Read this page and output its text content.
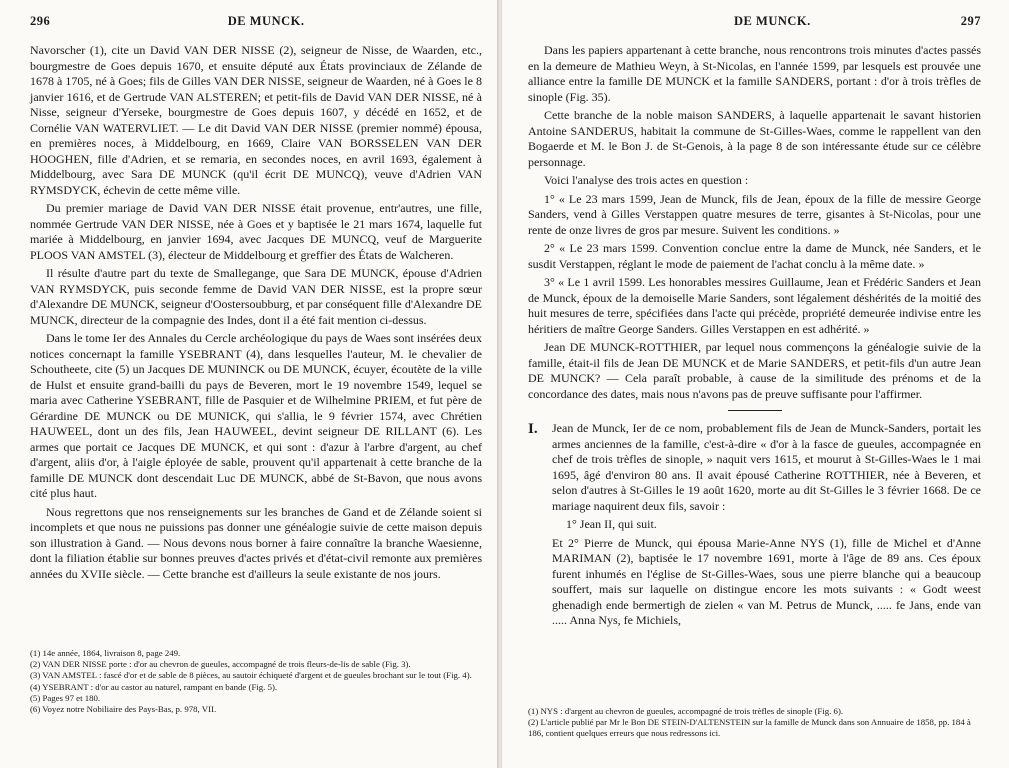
296	DE MUNCK.

Navorscher (1), cite un David VAN DER NISSE (2), seigneur de Nisse, de Waarden, etc., bourgmestre de Goes depuis 1670, et ensuite député aux États provinciaux de Zélande de 1678 à 1705, né à Goes; fils de Gilles VAN DER NISSE, seigneur de Waarden, né à Goes le 8 janvier 1616, et de Gertrude VAN ALSTEREN; et petit-fils de David VAN DER NISSE, né à Nisse, seigneur d'Yerseke, bourgmestre de Goes depuis 1607, y décédé en 1652, et de Cornélie VAN WATERVLIET. — Le dit David VAN DER NISSE (premier nommé) épousa, en premières noces, à Middelbourg, en 1669, Claire VAN BORSSELEN VAN DER HOOGHEN, fille d'Adrien, et se remaria, en secondes noces, en avril 1693, également à Middelbourg, avec Sara DE MUNCK (qu'il écrit DE MUNCQ), veuve d'Adrien VAN RYMSDYCK, échevin de cette même ville.

Du premier mariage de David VAN DER NISSE était provenue, entr'autres, une fille, nommée Gertrude VAN DER NISSE, née à Goes et y baptisée le 21 mars 1674, laquelle fut mariée à Middelbourg, en janvier 1694, avec Jacques DE MUNCQ, veuf de Marguerite PLOOS VAN AMSTEL (3), électeur de Middelbourg et greffier des États de Walcheren.

Il résulte d'autre part du texte de Smallegange, que Sara DE MUNCK, épouse d'Adrien VAN RYMSDYCK, puis seconde femme de David VAN DER NISSE, est la propre sœur d'Alexandre DE MUNCK, seigneur d'Oostersoubburg, et par conséquent fille d'Alexandre DE MUNCK, directeur de la compagnie des Indes, dont il a été fait mention ci-dessus.

Dans le tome Ier des Annales du Cercle archéologique du pays de Waes sont insérées deux notices concernapt la famille YSEBRANT (4), dans lesquelles l'auteur, M. le chevalier de Schoutheete, cite (5) un Jacques DE MUNINCK ou DE MUNCK, écuyer, écoutète de la ville de Hulst et ensuite grand-bailli du pays de Beveren, mort le 19 novembre 1549, lequel se maria avec Catherine YSEBRANT, fille de Pasquier et de Wilhelmine PRIEM, et fut père de Gérardine DE MUNCK ou DE MUNICK, qui s'allia, le 9 février 1574, avec Chrétien HAUWEEL, dont un des fils, Jean HAUWEEL, devint seigneur DE RILLANT (6). Les armes que portait ce Jacques DE MUNCK, et qui sont : d'azur à l'arbre d'argent, au chef d'argent, aliis d'or, à l'aigle éployée de sable, prouvent qu'il appartenait à cette branche de la famille DE MUNCK dont descendait Luc DE MUNCK, abbé de St-Bavon, que nous avons cité plus haut.

Nous regrettons que nos renseignements sur les branches de Gand et de Zélande soient si incomplets et que nous ne puissions pas donner une généalogie suivie de cette maison depuis son illustration à Gand. — Nous devons nous borner à faire connaître la branche Waesienne, dont la filiation établie sur bonnes preuves d'actes privés et d'état-civil remonte aux premières années du XVIIe siècle. — Cette branche est d'ailleurs la seule existante de nos jours.

(1) 14e année, 1864, livraison 8, page 249.
(2) VAN DER NISSE porte : d'or au chevron de gueules, accompagné de trois fleurs-de-lis de sable (Fig. 3).
(3) VAN AMSTEL : fascé d'or et de sable de 8 pièces, au sautoir échiqueté d'argent et de gueules brochant sur le tout (Fig. 4).
(4) YSEBRANT : d'or au castor au naturel, rampant en bande (Fig. 5).
(5) Pages 97 et 180.
(6) Voyez notre Nobiliaire des Pays-Bas, p. 978, VII.
DE MUNCK.	297

Dans les papiers appartenant à cette branche, nous rencontrons trois minutes d'actes passés en la demeure de Mathieu Weyn, à St-Nicolas, en l'année 1599, par lesquels est prouvée une alliance entre la famille DE MUNCK et la famille SANDERS, portant : d'or à trois trèfles de sinople (Fig. 35).

Cette branche de la noble maison SANDERS, à laquelle appartenait le savant historien Antoine SANDERUS, habitait la commune de St-Gilles-Waes, comme le rappellent van den Bogaerde et M. le Bon J. de St-Genois, à la page 8 de son intéressante étude sur ce célèbre personnage.

Voici l'analyse des trois actes en question :

1° « Le 23 mars 1599, Jean de Munck, fils de Jean, époux de la fille de messire George Sanders, vend à Gilles Verstappen quatre mesures de terre, gisantes à St-Nicolas, pour une rente de onze livres de gros par mesure. Suivent les conditions. »

2° « Le 23 mars 1599. Convention conclue entre la dame de Munck, née Sanders, et le susdit Verstappen, réglant le mode de paiement de l'achat conclu à la même date. »

3° « Le 1 avril 1599. Les honorables messires Guillaume, Jean et Frédéric Sanders et Jean de Munck, époux de la demoiselle Marie Sanders, sont légalement déshérités de la moitié des huit mesures de terre, spécifiées dans l'acte qui précède, propriété demeurée indivise entre les héritiers de maître George Sanders. Gilles Verstappen en est adhérité. »

Jean DE MUNCK-ROTTHIER, par lequel nous commençons la généalogie suivie de la famille, était-il fils de Jean DE MUNCK et de Marie SANDERS, et petit-fils d'un autre Jean DE MUNCK? — Cela paraît probable, à cause de la similitude des prénoms et de la concordance des dates, mais nous n'avons pas de preuve suffisante pour l'affirmer.

I.	Jean de Munck, Ier de ce nom, probablement fils de Jean de Munck-Sanders, portait les armes anciennes de la famille, c'est-à-dire « d'or à la fasce de gueules, accompagnée en chef de trois trèfles de sinople, » naquit vers 1615, et mourut à St-Gilles-Waes le 1 mai 1695, âgé d'environ 80 ans. Il avait épousé Catherine ROTTHIER, née à Beveren, et selon d'autres à St-Gilles le 19 août 1620, morte au dit St-Gilles le 3 février 1668. De ce mariage naquirent deux fils, savoir :

1° Jean II, qui suit.

Et 2° Pierre de Munck, qui épousa Marie-Anne NYS (1), fille de Michel et d'Anne MARIMAN (2), baptisée le 17 novembre 1691, morte à l'âge de 89 ans. Ces époux furent inhumés en l'église de St-Gilles-Waes, sous une pierre blanche qui a beaucoup souffert, mais sur laquelle on distingue encore les mots suivants : « Godt weest ghenadigh ende bermertigh de zielen « van M. Petrus de Munck, ..... fe Jans, ende van ..... Anna Nys, fe Michiels,

(1) NYS : d'argent au chevron de gueules, accompagné de trois trèfles de sinople (Fig. 6).
(2) L'article publié par Mr le Bon DE STEIN-D'ALTENSTEIN sur la famille de Munck dans son Annuaire de 1858, pp. 184 à 186, contient quelques erreurs que nous redressons ici.
